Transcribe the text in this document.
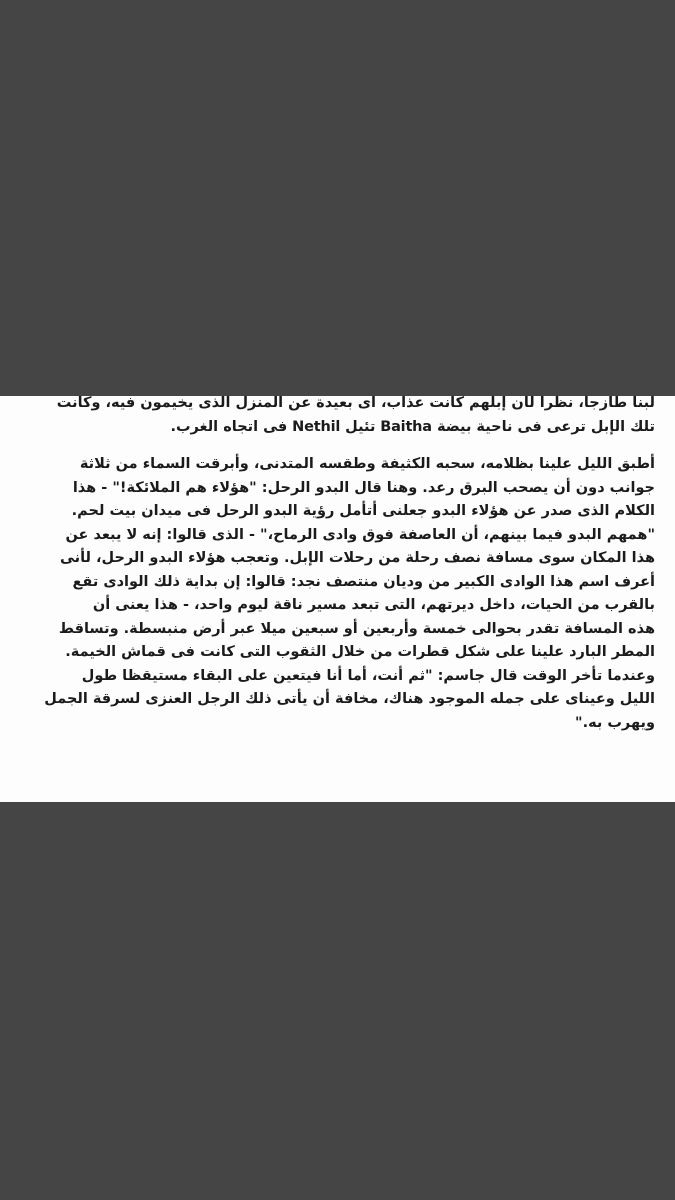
لبنا طازجا، نظرا لأن إبلهم كانت عذاب، أى بعيدة عن المنزل الذى يخيمون فيه، وكانت
تلك الإبل ترعى فى ناحية بيضة Baitha تئيل Nethil فى اتجاه الغرب.
أطبق الليل علينا بظلامه، سحبه الكثيفة وطقسه المتدنى، وأبرقت السماء من ثلاثة
جوانب دون أن يصحب البرق رعد. وهنا قال البدو الرحل: "هؤلاء هم الملائكة!" - هذا
الكلام الذى صدر عن هؤلاء البدو جعلنى أتأمل رؤية البدو الرحل فى ميدان بيت لحم.
"همهم البدو فيما بينهم، أن العاصفة فوق وادى الرماح،" - الذى قالوا: إنه لا يبعد عن
هذا المكان سوى مسافة نصف رحلة من رحلات الإبل. وتعجب هؤلاء البدو الرحل، لأنى
أعرف اسم هذا الوادى الكبير من وديان منتصف نجد: قالوا: إن بداية ذلك الوادى تقع
بالقرب من الحيات، داخل ديرتهم، التى تبعد مسير ناقة ليوم واحد، - هذا يعنى أن
هذه المسافة تقدر بحوالى خمسة وأربعين أو سبعين ميلا عبر أرض منبسطة. وتساقط
المطر البارد علينا على شكل قطرات من خلال الثقوب التى كانت فى قماش الخيمة.
وعندما تأخر الوقت قال جاسم: "ثم أنت، أما أنا فيتعين على البقاء مستيقظا طول
الليل وعيناى على جمله الموجود هناك، مخافة أن يأتى ذلك الرجل العنزى لسرقة الجمل
ويهرب به."
